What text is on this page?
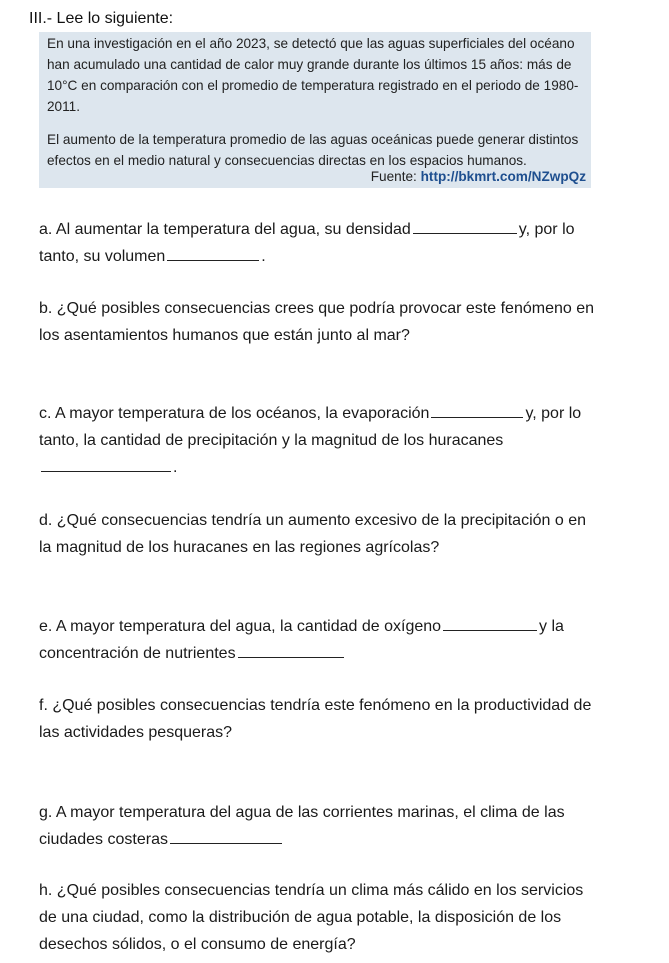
III.- Lee lo siguiente:

En una investigación en el año 2023, se detectó que las aguas superficiales del océano han acumulado una cantidad de calor muy grande durante los últimos 15 años: más de 10°C en comparación con el promedio de temperatura registrado en el periodo de 1980-2011.

El aumento de la temperatura promedio de las aguas oceánicas puede generar distintos efectos en el medio natural y consecuencias directas en los espacios humanos.

Fuente: http://bkmrt.com/NZwpQz

a. Al aumentar la temperatura del agua, su densidad	y, por lo tanto, su volumen	.

b. ¿Qué posibles consecuencias crees que podría provocar este fenómeno en los asentamientos humanos que están junto al mar?

c. A mayor temperatura de los océanos, la evaporación	y, por lo tanto, la cantidad de precipitación y la magnitud de los huracanes.

d. ¿Qué consecuencias tendría un aumento excesivo de la precipitación o en la magnitud de los huracanes en las regiones agrícolas?

e. A mayor temperatura del agua, la cantidad de oxígeno	y la concentración de nutrientes

f. ¿Qué posibles consecuencias tendría este fenómeno en la productividad de las actividades pesqueras?

g. A mayor temperatura del agua de las corrientes marinas, el clima de las ciudades costeras

h. ¿Qué posibles consecuencias tendría un clima más cálido en los servicios de una ciudad, como la distribución de agua potable, la disposición de los desechos sólidos, o el consumo de energía?
